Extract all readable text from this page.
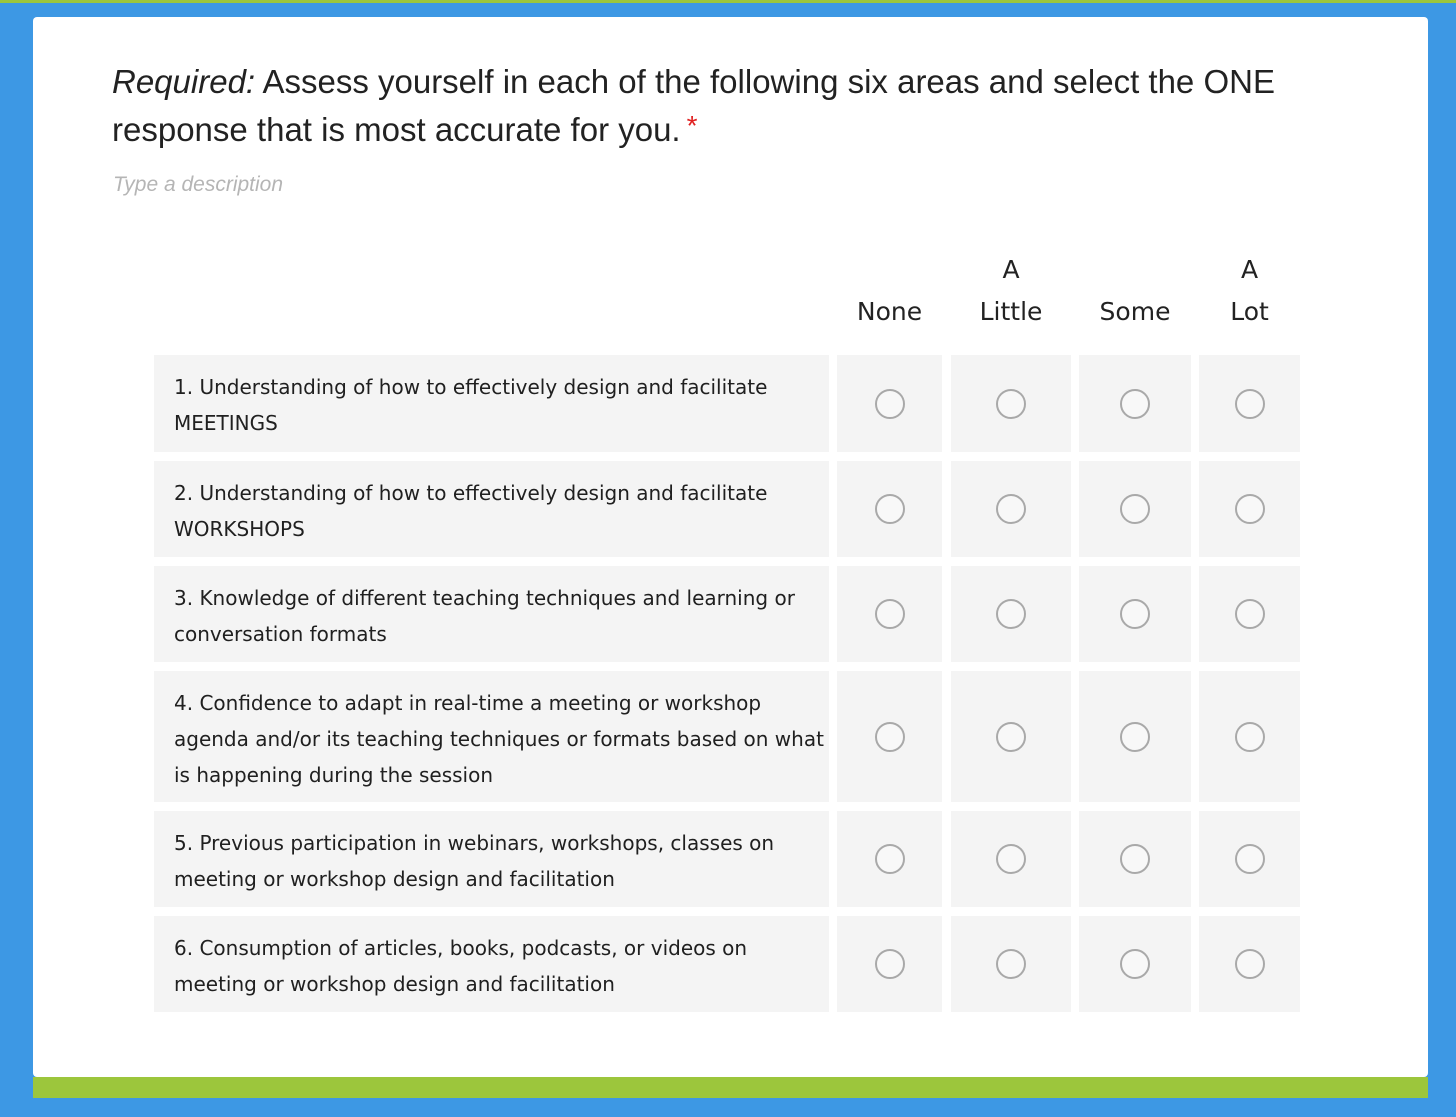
Required: Assess yourself in each of the following six areas and select the ONE response that is most accurate for you. *
Type a description

None
A
Little
	Some
A
Lot
1. Understanding of how to effectively design and facilitate MEETINGS
2. Understanding of how to effectively design and facilitate WORKSHOPS
3. Knowledge of different teaching techniques and learning or conversation formats
4. Confidence to adapt in real-time a meeting or workshop agenda and/or its teaching techniques or formats based on what is happening during the session
5. Previous participation in webinars, workshops, classes on meeting or workshop design and facilitation
6. Consumption of articles, books, podcasts, or videos on meeting or workshop design and facilitation
